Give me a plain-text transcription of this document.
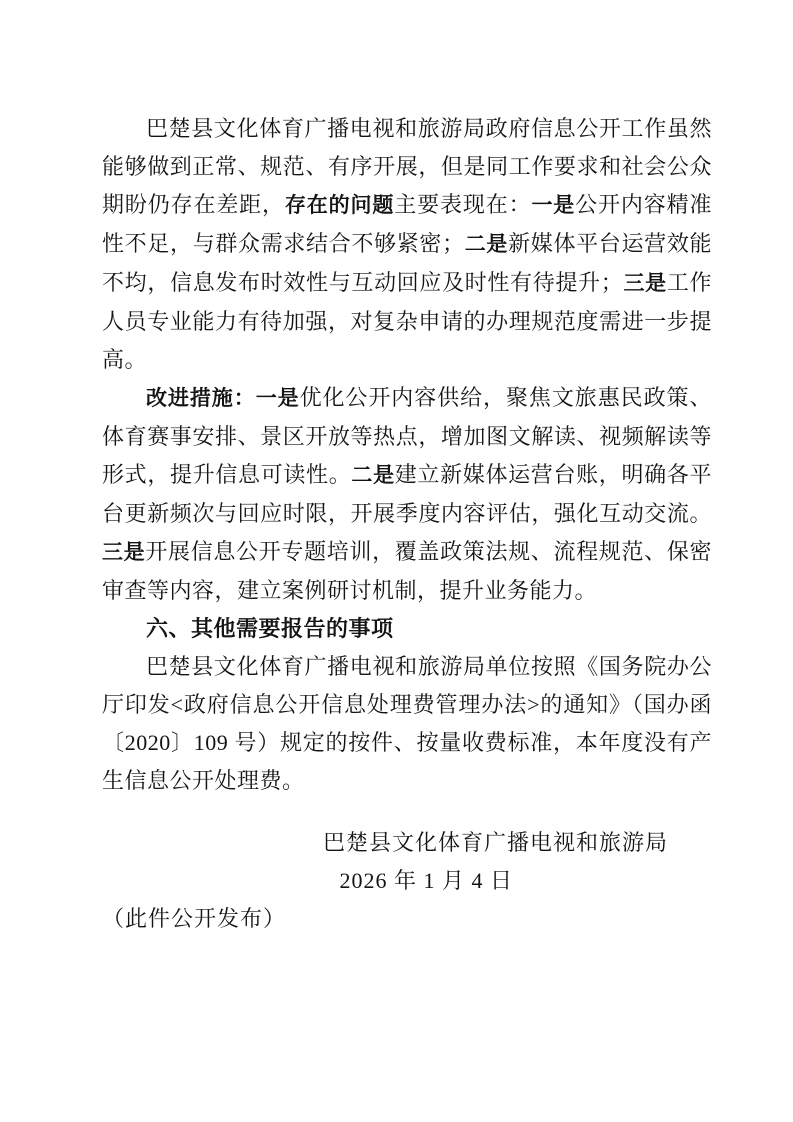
巴楚县文化体育广播电视和旅游局政府信息公开工作虽然能够做到正常、规范、有序开展，但是同工作要求和社会公众期盼仍存在差距，存在的问题主要表现在：一是公开内容精准性不足，与群众需求结合不够紧密；二是新媒体平台运营效能不均，信息发布时效性与互动回应及时性有待提升；三是工作人员专业能力有待加强，对复杂申请的办理规范度需进一步提高。

改进措施：一是优化公开内容供给，聚焦文旅惠民政策、体育赛事安排、景区开放等热点，增加图文解读、视频解读等形式，提升信息可读性。二是建立新媒体运营台账，明确各平台更新频次与回应时限，开展季度内容评估，强化互动交流。三是开展信息公开专题培训，覆盖政策法规、流程规范、保密审查等内容，建立案例研讨机制，提升业务能力。

六、其他需要报告的事项

巴楚县文化体育广播电视和旅游局单位按照《国务院办公厅印发<政府信息公开信息处理费管理办法>的通知》（国办函〔2020〕109 号）规定的按件、按量收费标准，本年度没有产生信息公开处理费。

巴楚县文化体育广播电视和旅游局

2026 年 1 月 4 日

（此件公开发布）
